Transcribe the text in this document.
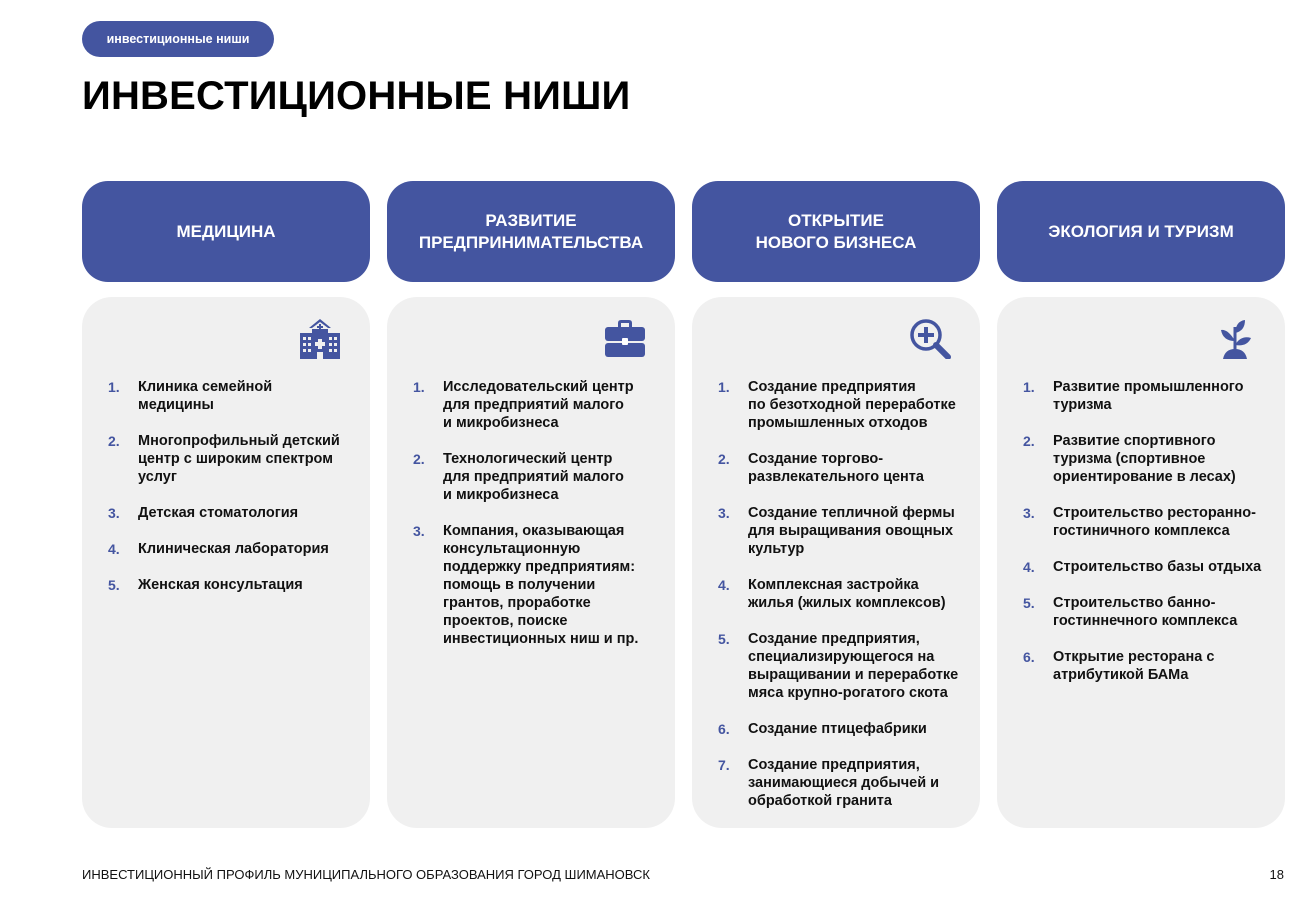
инвестиционные ниши
ИНВЕСТИЦИОННЫЕ НИШИ
МЕДИЦИНА
1.	Клиника семейной
медицины
2.	Многопрофильный детский
центр с широким спектром
услуг
3.	Детская стоматология
4.	Клиническая лаборатория
5.	Женская консультация
РАЗВИТИЕ
ПРЕДПРИНИМАТЕЛЬСТВА
1.	Исследовательский центр
для предприятий малого
и микробизнеса
2.	Технологический центр
для предприятий малого
и микробизнеса
3.	Компания, оказывающая
консультационную
поддержку предприятиям:
помощь в получении
грантов, проработке
проектов, поиске
инвестиционных ниш и пр.
ОТКРЫТИЕ
НОВОГО БИЗНЕСА
1.	Создание предприятия
по безотходной переработке
промышленных отходов
2.	Создание торгово-
развлекательного цента
3.	Создание тепличной фермы
для выращивания овощных
культур
4.	Комплексная застройка
жилья (жилых комплексов)
5.	Создание предприятия,
специализирующегося на
выращивании и переработке
мяса крупно-рогатого скота
6.	Создание птицефабрики
7.	Создание предприятия,
занимающиеся добычей и
обработкой гранита
ЭКОЛОГИЯ И ТУРИЗМ
1.	Развитие промышленного
туризма
2.	Развитие спортивного
туризма (спортивное
ориентирование в лесах)
3.	Строительство ресторанно-
гостиничного комплекса
4.	Строительство базы отдыха
5.	Строительство банно-
гостиннечного комплекса
6.	Открытие ресторана с
атрибутикой БАМа
ИНВЕСТИЦИОННЫЙ ПРОФИЛЬ МУНИЦИПАЛЬНОГО ОБРАЗОВАНИЯ ГОРОД ШИМАНОВСК	18
